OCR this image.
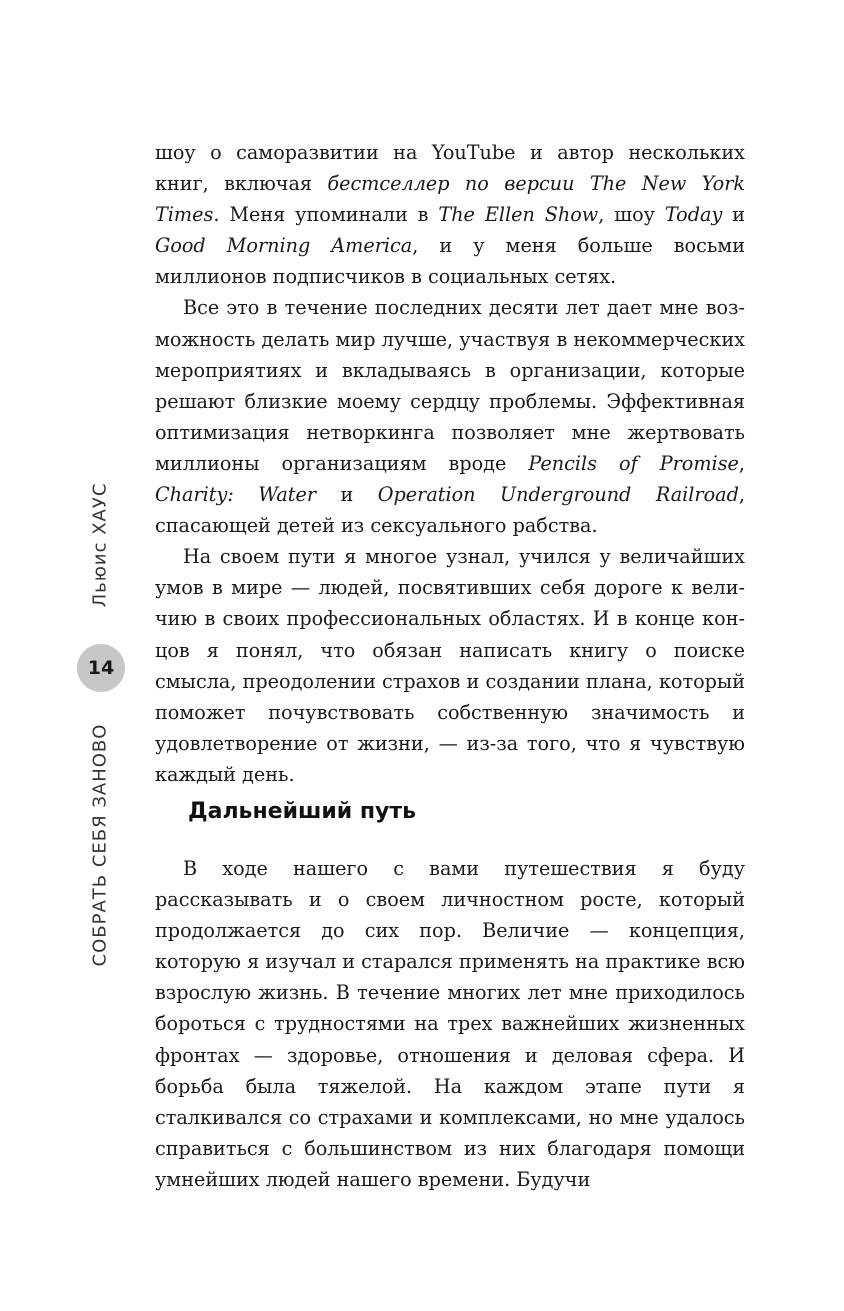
Льюис ХАУС
14
СОБРАТЬ СЕБЯ ЗАНОВО

шоу о саморазвитии на YouTube и автор нескольких книг, включая бестселлер по версии The New York Times. Меня упоминали в The Ellen Show, шоу Today и Good Morning America, и у меня больше восьми миллионов подписчиков в социальных сетях.

Все это в течение последних десяти лет дает мне возможность делать мир лучше, участвуя в некоммерческих мероприятиях и вкладываясь в организации, которые решают близкие моему сердцу проблемы. Эффективная оптимизация нетворкинга позволяет мне жертвовать миллионы организациям вроде Pencils of Promise, Charity: Water и Operation Underground Railroad, спасающей детей из сексуального рабства.

На своем пути я многое узнал, учился у величайших умов в мире — людей, посвятивших себя дороге к величию в своих профессиональных областях. И в конце концов я понял, что обязан написать книгу о поиске смысла, преодолении страхов и создании плана, который поможет почувствовать собственную значимость и удовлетворение от жизни, — из-за того, что я чувствую каждый день.

Дальнейший путь

В ходе нашего с вами путешествия я буду рассказывать и о своем личностном росте, который продолжается до сих пор. Величие — концепция, которую я изучал и старался применять на практике всю взрослую жизнь. В течение многих лет мне приходилось бороться с трудностями на трех важнейших жизненных фронтах — здоровье, отношения и деловая сфера. И борьба была тяжелой. На каждом этапе пути я сталкивался со страхами и комплексами, но мне удалось справиться с большинством из них благодаря помощи умнейших людей нашего времени. Будучи
